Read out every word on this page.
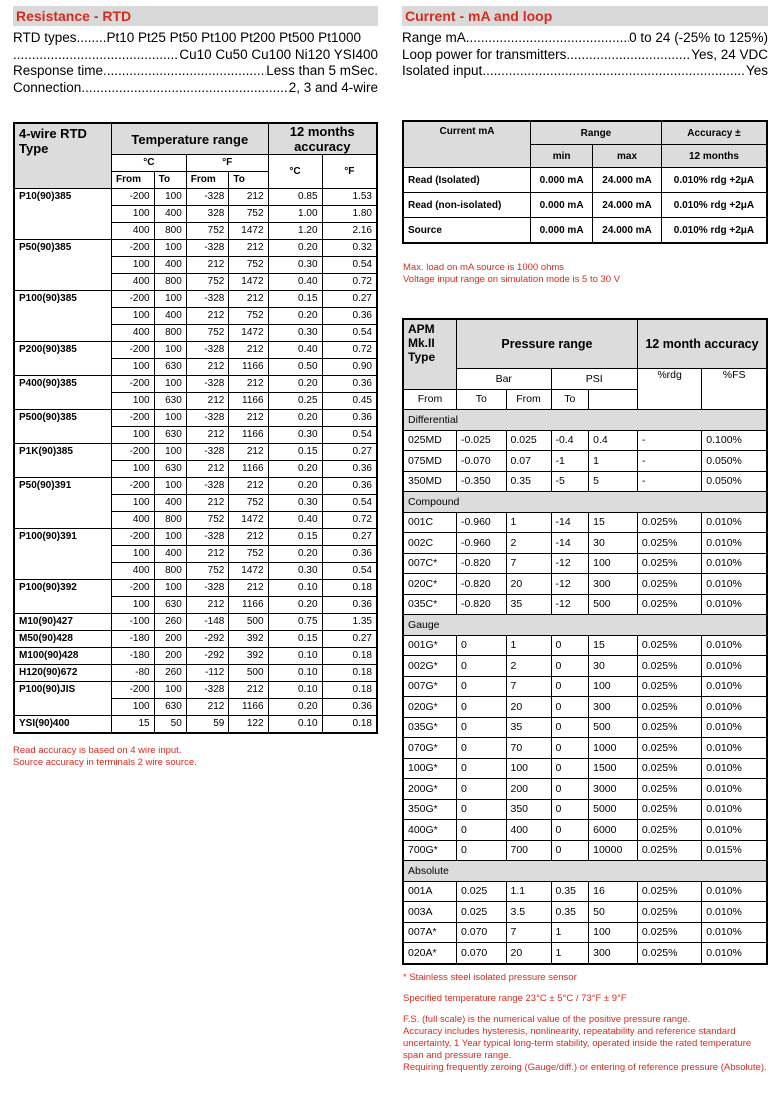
Resistance - RTD
RTD types........ Pt10 Pt25 Pt50 Pt100 Pt200 Pt500 Pt1000
.....
Cu10 Cu50 Cu100 Ni120 YSI400
Response time .....	Less than 5 mSec.
Connection .....	2, 3 and 4-wire
Current - mA and loop
Range mA .....	0 to 24 (-25% to 125%)
Loop power for transmitters .....	Yes, 24 VDC
Isolated input .....	Yes
4-wire RTD Type	Temperature range				12 months accuracy	
	°C		°F		°C	°F
	From	To	From	To		
P10(90)385	-200	100	-328	212	0.85	1.53
	100	400	328	752	1.00	1.80
	400	800	752	1472	1.20	2.16
P50(90)385	-200	100	-328	212	0.20	0.32
	100	400	212	752	0.30	0.54
	400	800	752	1472	0.40	0.72
P100(90)385	-200	100	-328	212	0.15	0.27
	100	400	212	752	0.20	0.36
	400	800	752	1472	0.30	0.54
P200(90)385	-200	100	-328	212	0.40	0.72
	100	630	212	1166	0.50	0.90
P400(90)385	-200	100	-328	212	0.20	0.36
	100	630	212	1166	0.25	0.45
P500(90)385	-200	100	-328	212	0.20	0.36
	100	630	212	1166	0.30	0.54
P1K(90)385	-200	100	-328	212	0.15	0.27
	100	630	212	1166	0.20	0.36
P50(90)391	-200	100	-328	212	0.20	0.36
	100	400	212	752	0.30	0.54
	400	800	752	1472	0.40	0.72
P100(90)391	-200	100	-328	212	0.15	0.27
	100	400	212	752	0.20	0.36
	400	800	752	1472	0.30	0.54
P100(90)392	-200	100	-328	212	0.10	0.18
	100	630	212	1166	0.20	0.36
M10(90)427	-100	260	-148	500	0.75	1.35
M50(90)428	-180	200	-292	392	0.15	0.27
M100(90)428	-180	200	-292	392	0.10	0.18
H120(90)672	-80	260	-112	500	0.10	0.18
P100(90)JIS	-200	100	-328	212	0.10	0.18
	100	630	212	1166	0.20	0.36
YSI(90)400	15	50	59	122	0.10	0.18
Read accuracy is based on 4 wire input.
Source accuracy in terminals 2 wire source.
Current mA	Range		Accuracy ±
	min	max	12 months
Read (Isolated)	0.000 mA	24.000 mA	0.010% rdg +2μA
Read (non-isolated)	0.000 mA	24.000 mA	0.010% rdg +2μA
Source	0.000 mA	24.000 mA	0.010% rdg +2μA
Max. load on mA source is 1000 ohms
Voltage input range on simulation mode is 5 to 30 V
APM Mk.II Type	Pressure range				12 month accuracy	
	Bar		PSI		%rdg	%FS
From	To	From	To			
Differential						
025MD	-0.025	0.025	-0.4	0.4	-	0.100%
075MD	-0.070	0.07	-1	1	-	0.050%
350MD	-0.350	0.35	-5	5	-	0.050%
Compound						
001C	-0.960	1	-14	15	0.025%	0.010%
002C	-0.960	2	-14	30	0.025%	0.010%
007C*	-0.820	7	-12	100	0.025%	0.010%
020C*	-0.820	20	-12	300	0.025%	0.010%
035C*	-0.820	35	-12	500	0.025%	0.010%
Gauge						
001G*	0	1	0	15	0.025%	0.010%
002G*	0	2	0	30	0.025%	0.010%
007G*	0	7	0	100	0.025%	0.010%
020G*	0	20	0	300	0.025%	0.010%
035G*	0	35	0	500	0.025%	0.010%
070G*	0	70	0	1000	0.025%	0.010%
100G*	0	100	0	1500	0.025%	0.010%
200G*	0	200	0	3000	0.025%	0.010%
350G*	0	350	0	5000	0.025%	0.010%
400G*	0	400	0	6000	0.025%	0.010%
700G*	0	700	0	10000	0.025%	0.015%
Absolute						
001A	0.025	1.1	0.35	16	0.025%	0.010%
003A	0.025	3.5	0.35	50	0.025%	0.010%
007A*	0.070	7	1	100	0.025%	0.010%
020A*	0.070	20	1	300	0.025%	0.010%
* Stainless steel isolated pressure sensor
Specified temperature range 23°C ± 5°C / 73°F ± 9°F
F.S. (full scale) is the numerical value of the positive pressure range.
Accuracy includes hysteresis, nonlinearity, repeatability and reference standard uncertainty, 1 Year typical long-term stability, operated inside the rated temperature span and pressure range.
Requiring frequently zeroing (Gauge/diff.) or entering of reference pressure (Absolute).
